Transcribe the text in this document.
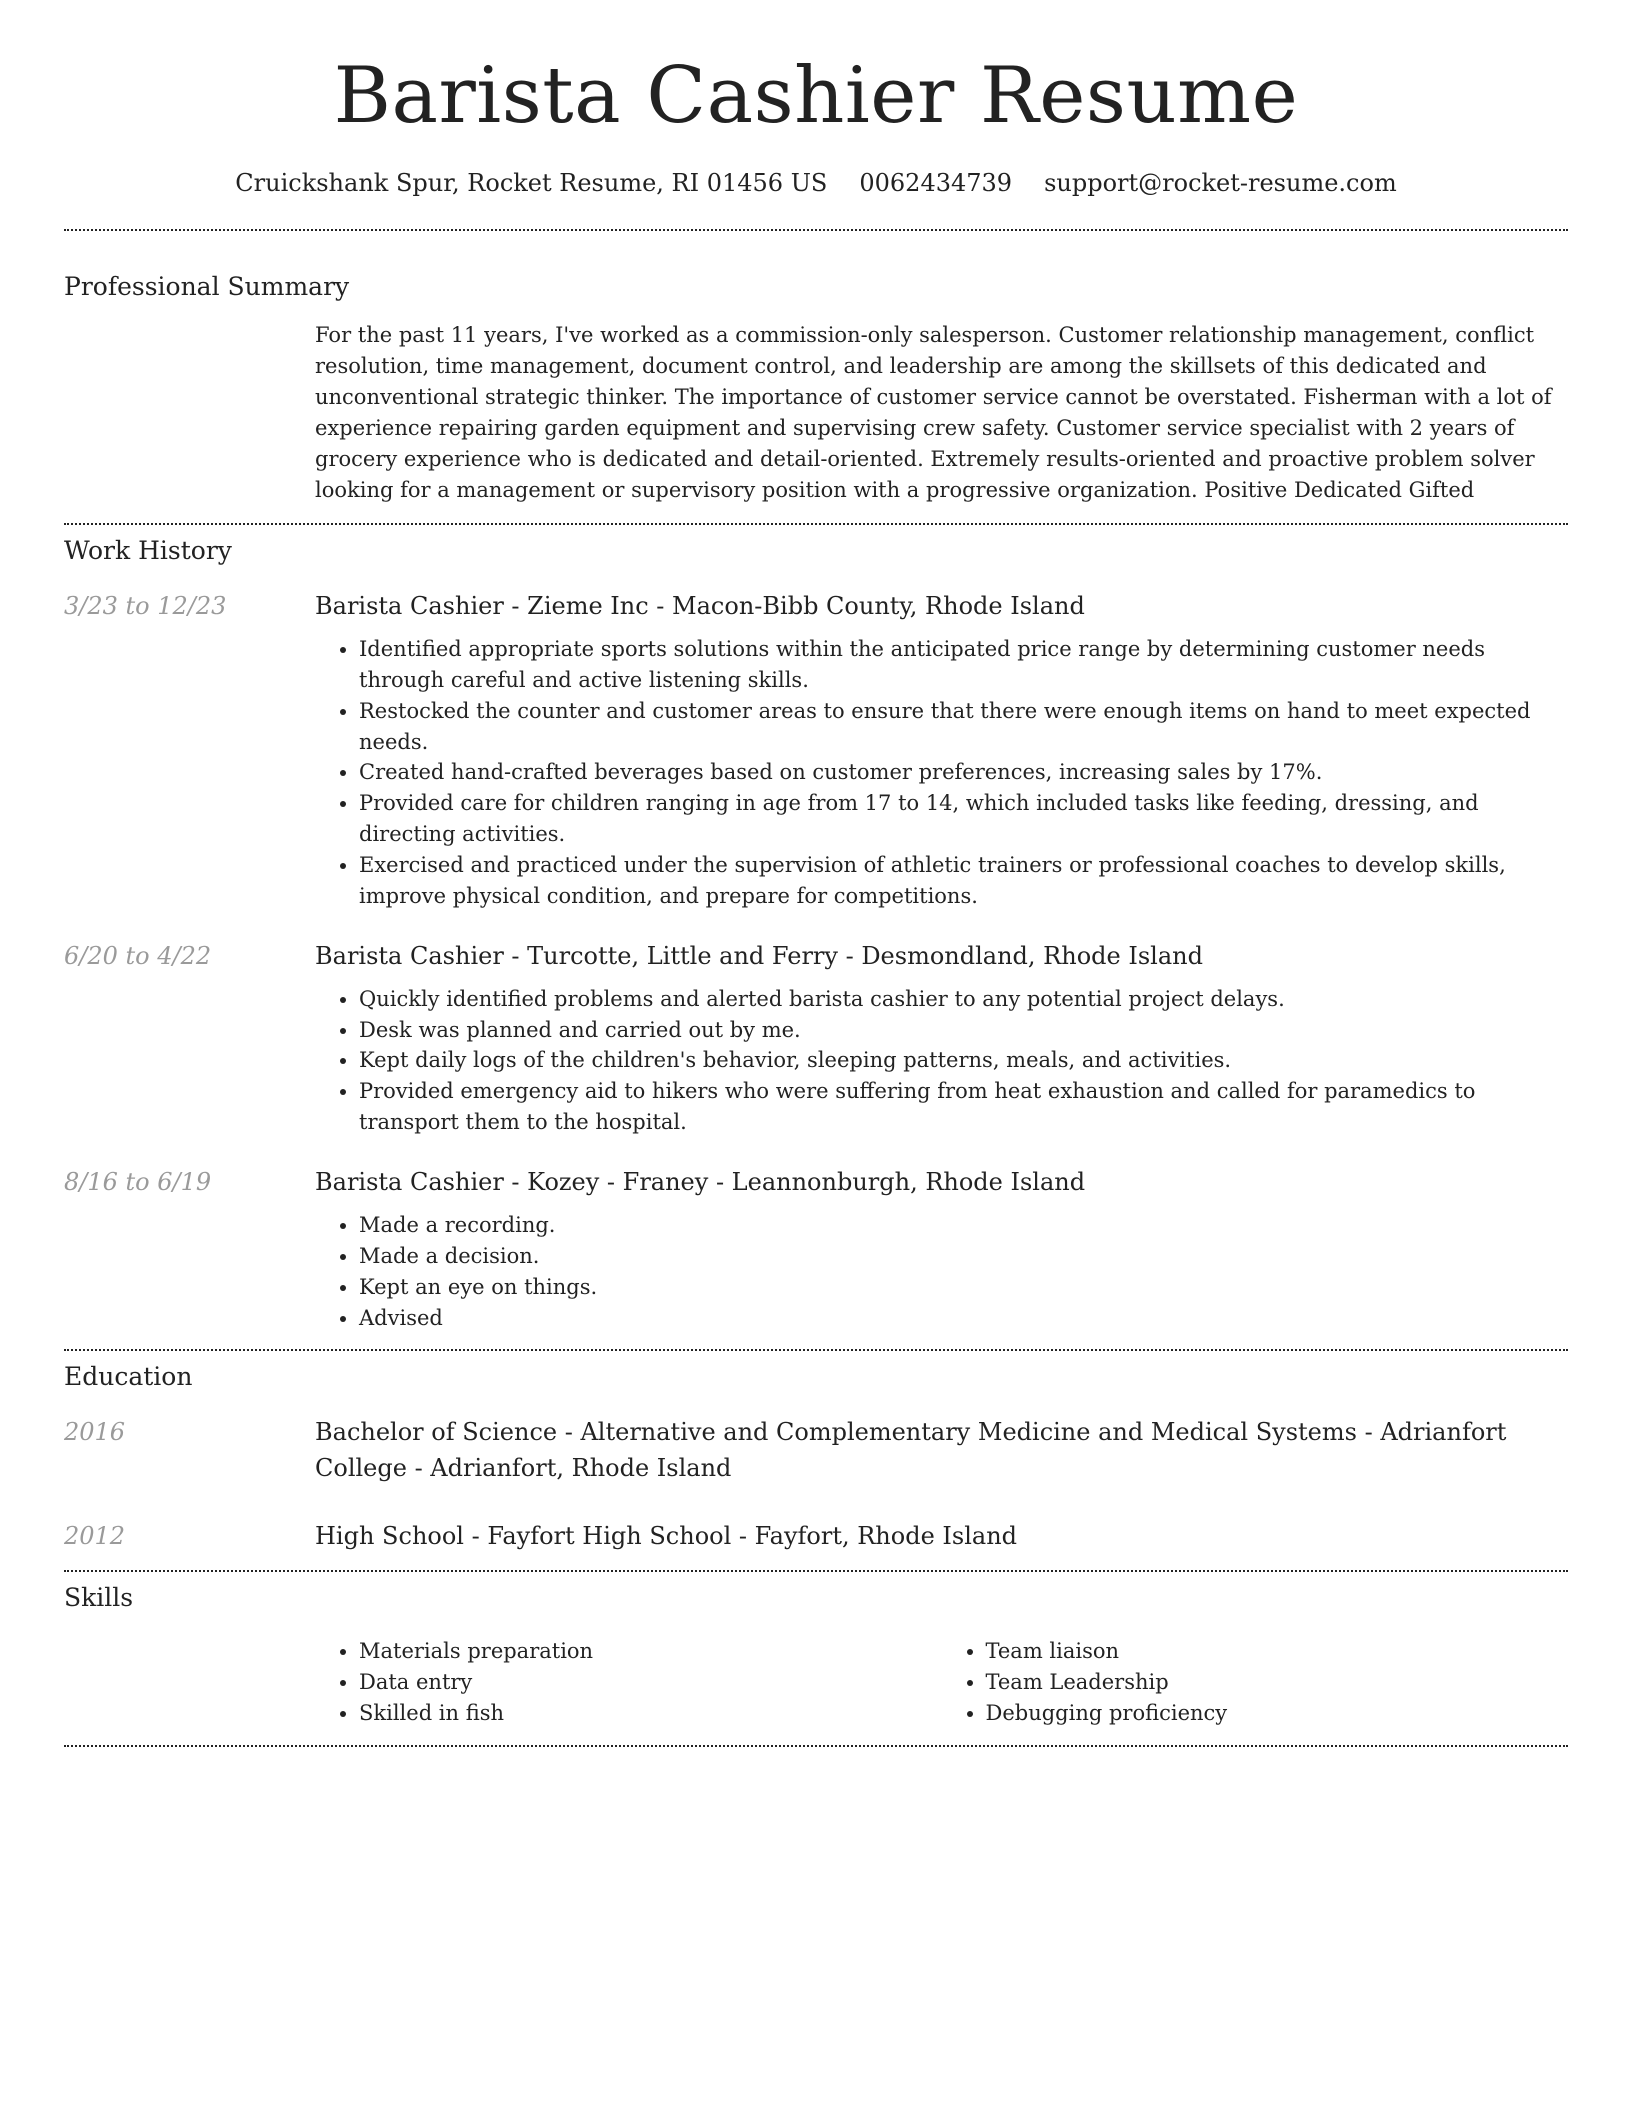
Barista Cashier Resume
Cruickshank Spur, Rocket Resume, RI 01456 US 0062434739 support@rocket-resume.com
Professional Summary

For the past 11 years, I've worked as a commission-only salesperson. Customer relationship management, conflict resolution, time management, document control, and leadership are among the skillsets of this dedicated and unconventional strategic thinker. The importance of customer service cannot be overstated. Fisherman with a lot of experience repairing garden equipment and supervising crew safety. Customer service specialist with 2 years of grocery experience who is dedicated and detail-oriented. Extremely results-oriented and proactive problem solver looking for a management or supervisory position with a progressive organization. Positive Dedicated Gifted

Work History
3/23 to 12/23	Barista Cashier - Zieme Inc - Macon-Bibb County, Rhode Island

• Identified appropriate sports solutions within the anticipated price range by determining customer needs through careful and active listening skills.
• Restocked the counter and customer areas to ensure that there were enough items on hand to meet expected needs.
• Created hand-crafted beverages based on customer preferences, increasing sales by 17%.
• Provided care for children ranging in age from 17 to 14, which included tasks like feeding, dressing, and directing activities.
• Exercised and practiced under the supervision of athletic trainers or professional coaches to develop skills, improve physical condition, and prepare for competitions.
6/20 to 4/22	Barista Cashier - Turcotte, Little and Ferry - Desmondland, Rhode Island

• Quickly identified problems and alerted barista cashier to any potential project delays.
• Desk was planned and carried out by me.
• Kept daily logs of the children's behavior, sleeping patterns, meals, and activities.
• Provided emergency aid to hikers who were suffering from heat exhaustion and called for paramedics to transport them to the hospital.
8/16 to 6/19	Barista Cashier - Kozey - Franey - Leannonburgh, Rhode Island

• Made a recording.
• Made a decision.
• Kept an eye on things.
• Advised
Education
2016	Bachelor of Science - Alternative and Complementary Medicine and Medical Systems - Adrianfort College - Adrianfort, Rhode Island

2012	High School - Fayfort High School - Fayfort, Rhode Island

Skills
• Materials preparation
• Data entry
• Skilled in fish
• Team liaison
• Team Leadership
• Debugging proficiency
